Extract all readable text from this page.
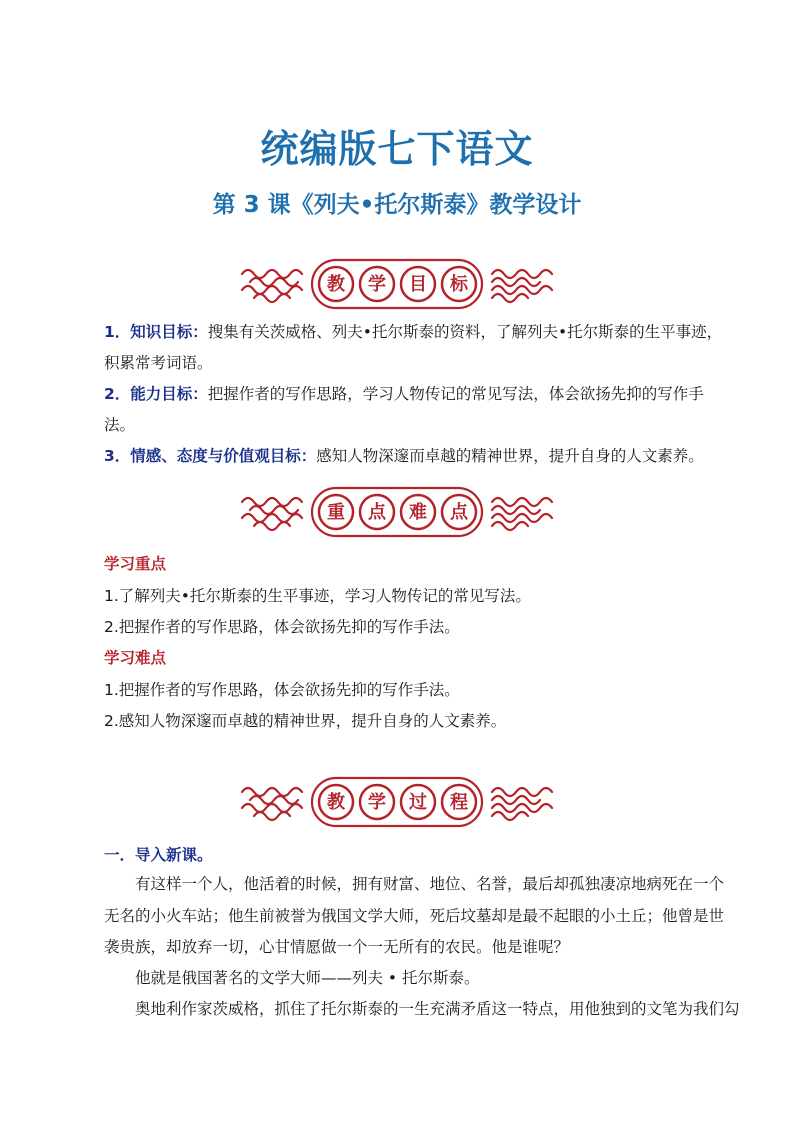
统编版七下语文
第 3 课《列夫•托尔斯泰》教学设计
教 学 目 标

1．知识目标：搜集有关茨威格、列夫•托尔斯泰的资料，了解列夫•托尔斯泰的生平事迹，积累常考词语。

2．能力目标：把握作者的写作思路，学习人物传记的常见写法，体会欲扬先抑的写作手法。

3．情感、态度与价值观目标：感知人物深邃而卓越的精神世界，提升自身的人文素养。

重 点 难 点

学习重点

1.了解列夫•托尔斯泰的生平事迹，学习人物传记的常见写法。

2.把握作者的写作思路，体会欲扬先抑的写作手法。

学习难点

1.把握作者的写作思路，体会欲扬先抑的写作手法。

2.感知人物深邃而卓越的精神世界，提升自身的人文素养。

教 学 过 程

一．导入新课。

有这样一个人，他活着的时候，拥有财富、地位、名誉，最后却孤独凄凉地病死在一个无名的小火车站；他生前被誉为俄国文学大师，死后坟墓却是最不起眼的小土丘；他曾是世袭贵族，却放弃一切，心甘情愿做一个一无所有的农民。他是谁呢？

他就是俄国著名的文学大师——列夫 • 托尔斯泰。

奥地利作家茨威格，抓住了托尔斯泰的一生充满矛盾这一特点，用他独到的文笔为我们勾
